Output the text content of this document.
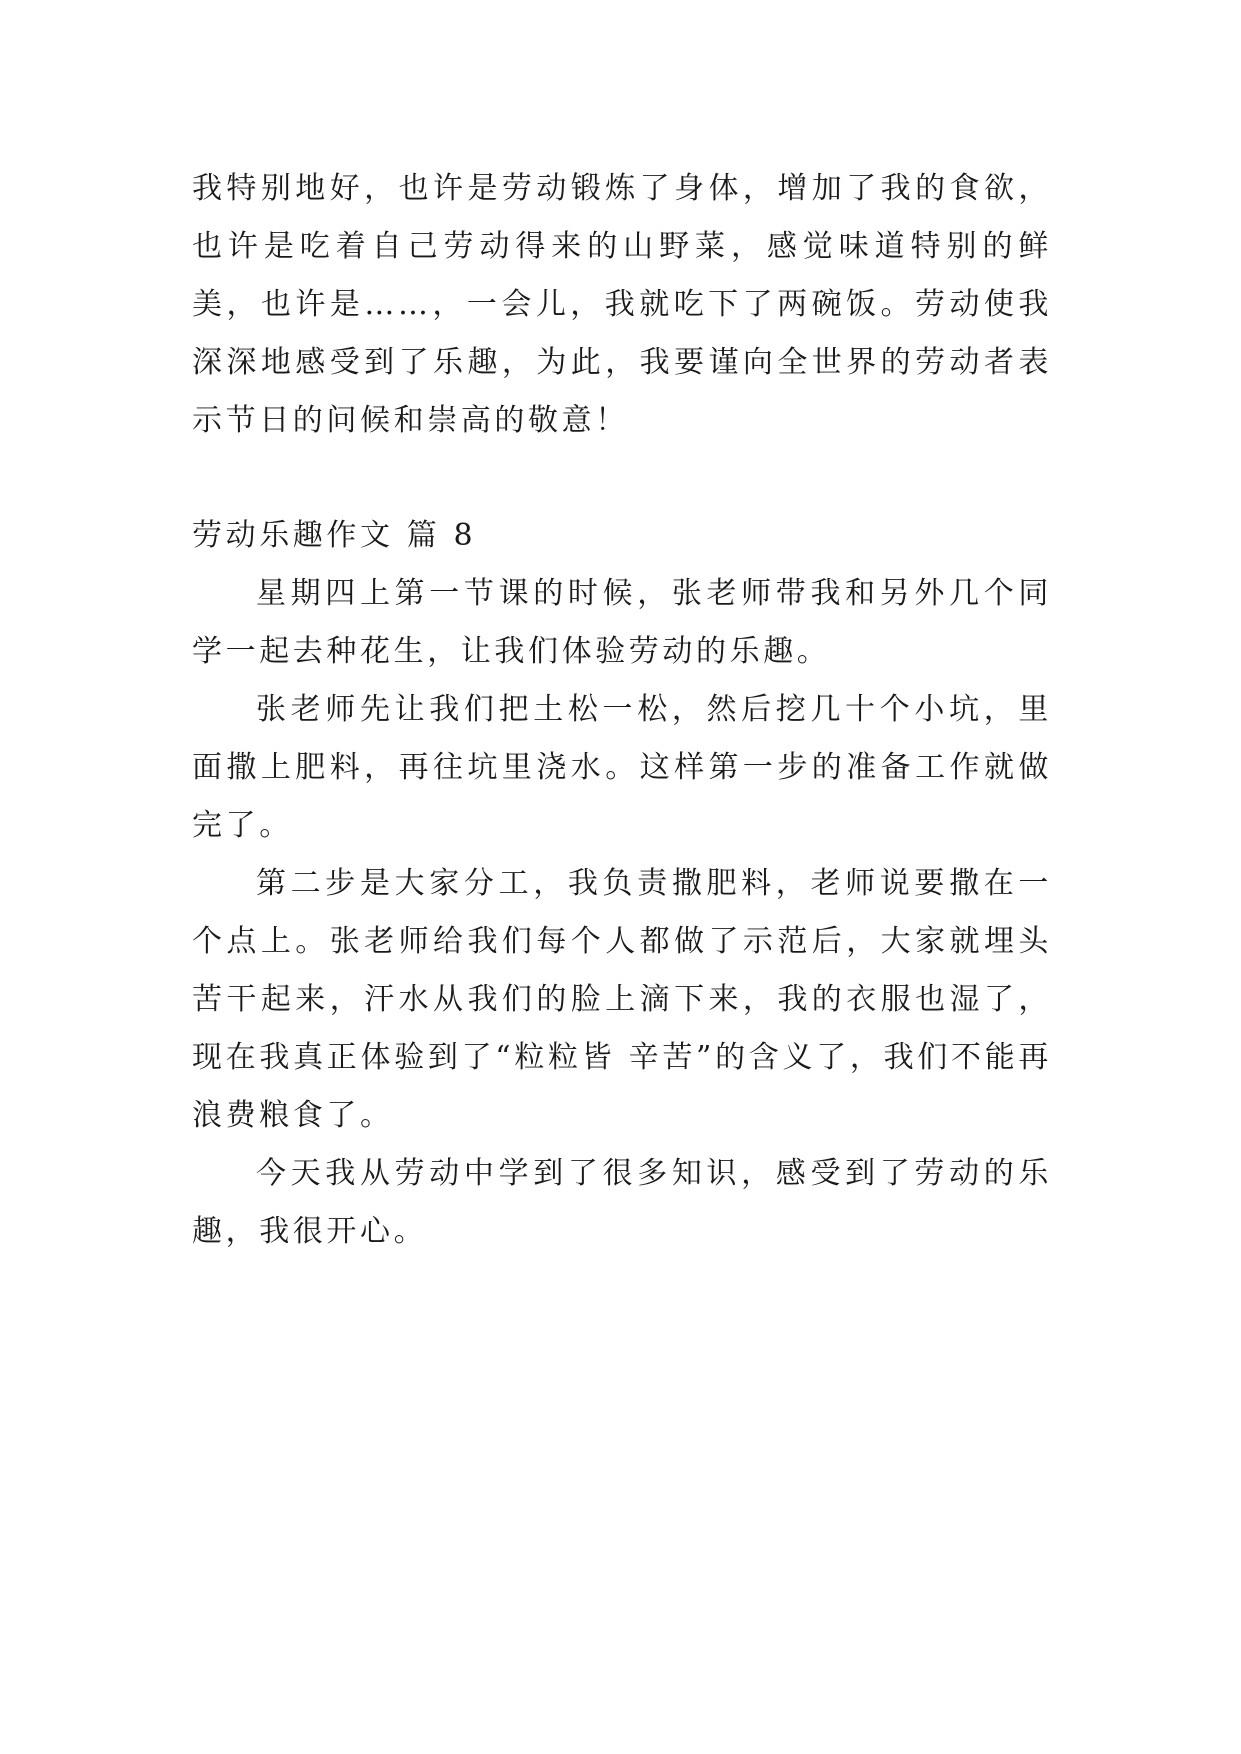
我特别地好，也许是劳动锻炼了身体，增加了我的食欲，也许是吃着自己劳动得来的山野菜，感觉味道特别的鲜美，也许是……，一会儿，我就吃下了两碗饭。劳动使我深深地感受到了乐趣，为此，我要谨向全世界的劳动者表示节日的问候和崇高的敬意！

劳动乐趣作文 篇 8

星期四上第一节课的时候，张老师带我和另外几个同学一起去种花生，让我们体验劳动的乐趣。

张老师先让我们把土松一松，然后挖几十个小坑，里面撒上肥料，再往坑里浇水。这样第一步的准备工作就做完了。

第二步是大家分工，我负责撒肥料，老师说要撒在一个点上。张老师给我们每个人都做了示范后，大家就埋头苦干起来，汗水从我们的脸上滴下来，我的衣服也湿了，现在我真正体验到了“粒粒皆 辛苦”的含义了，我们不能再浪费粮食了。

今天我从劳动中学到了很多知识，感受到了劳动的乐趣，我很开心。
